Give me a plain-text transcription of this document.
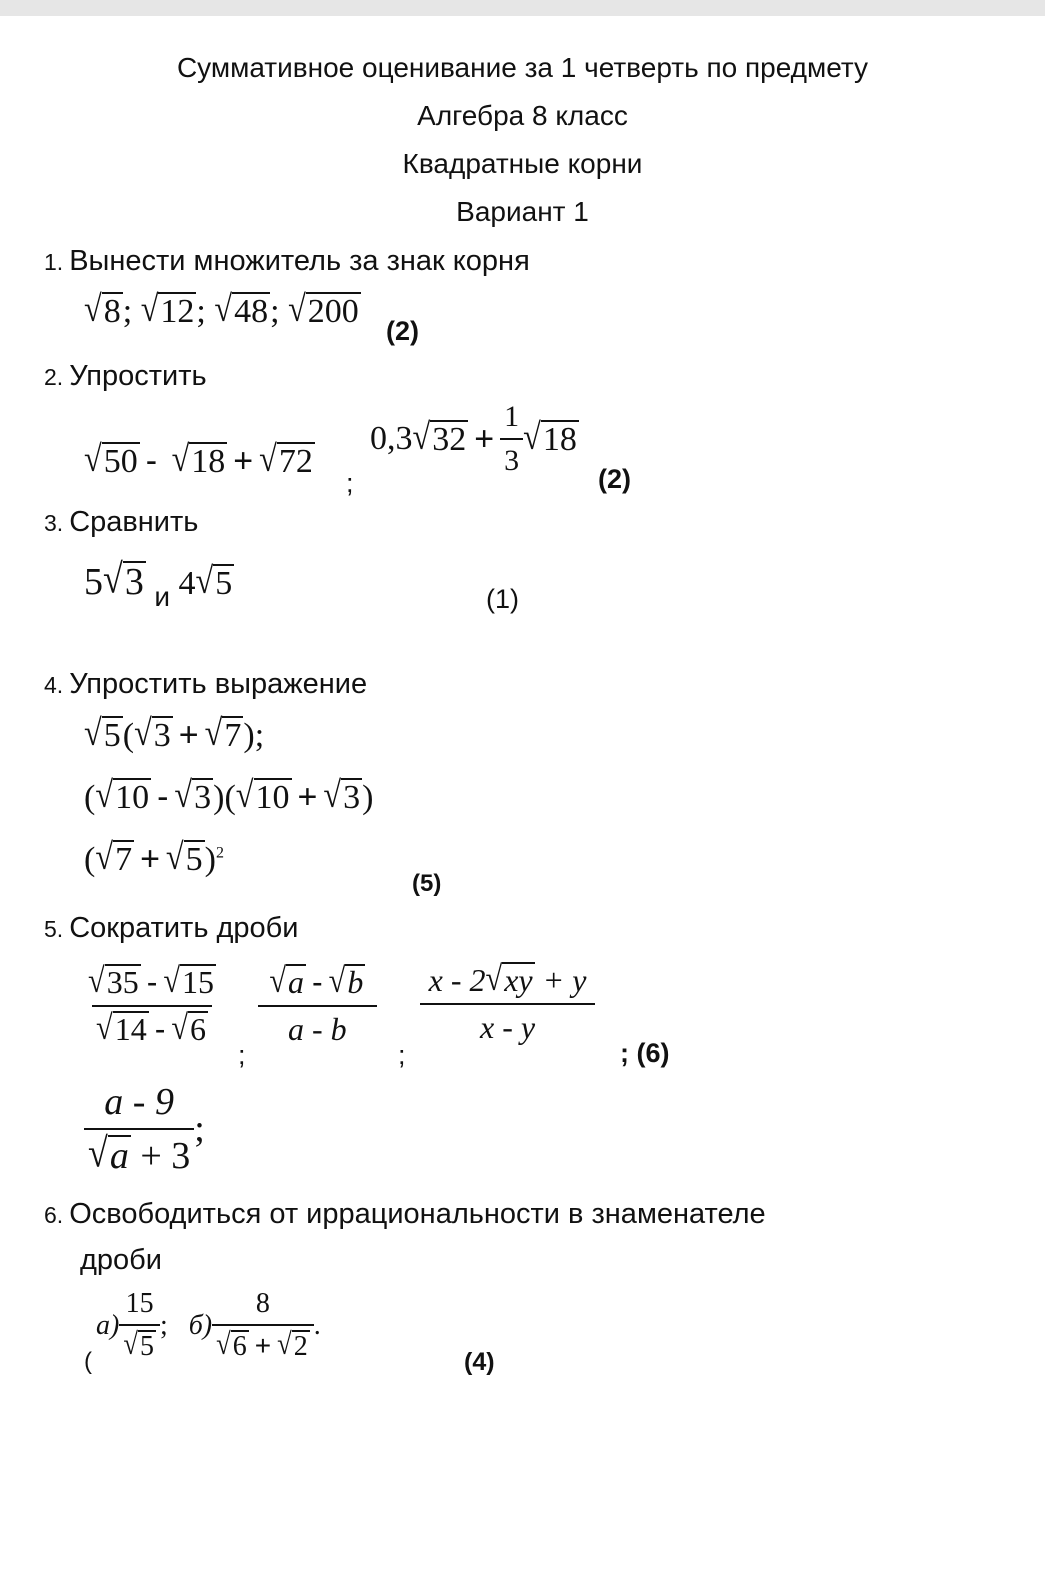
Суммативное оценивание за 1 четверть по предмету
Алгебра 8 класс
Квадратные корни
Вариант 1
1. Вынести множитель за знак корня
√8; √12; √48; √200
(2)
2. Упростить
√50 - √18 + √72
;
0,3 $√32 + \frac{1}{3} √18$
(2)
3. Сравнить
5√3 $_и$ 4√5	(1)
4. Упростить выражение
√5(√3 + √7);
(√10 - √3)(√10 + √3)
$(√7 + √5)^2$
(5)
5. Сократить дроби
$\frac{√35 - √15}{√14 - √6}$
;
$\frac{√a - √b}{a - b}$
;
$\frac{x - 2√xy + y}{x - y}$
; (6)
$\frac{a - 9}{√a + 3}$ ;
6. Освободиться от иррациональности в знаменателе
дроби
$а) \frac{15}{√5}$ ; $б) \frac{8}{√6 + √2}$ .
(	(4)
